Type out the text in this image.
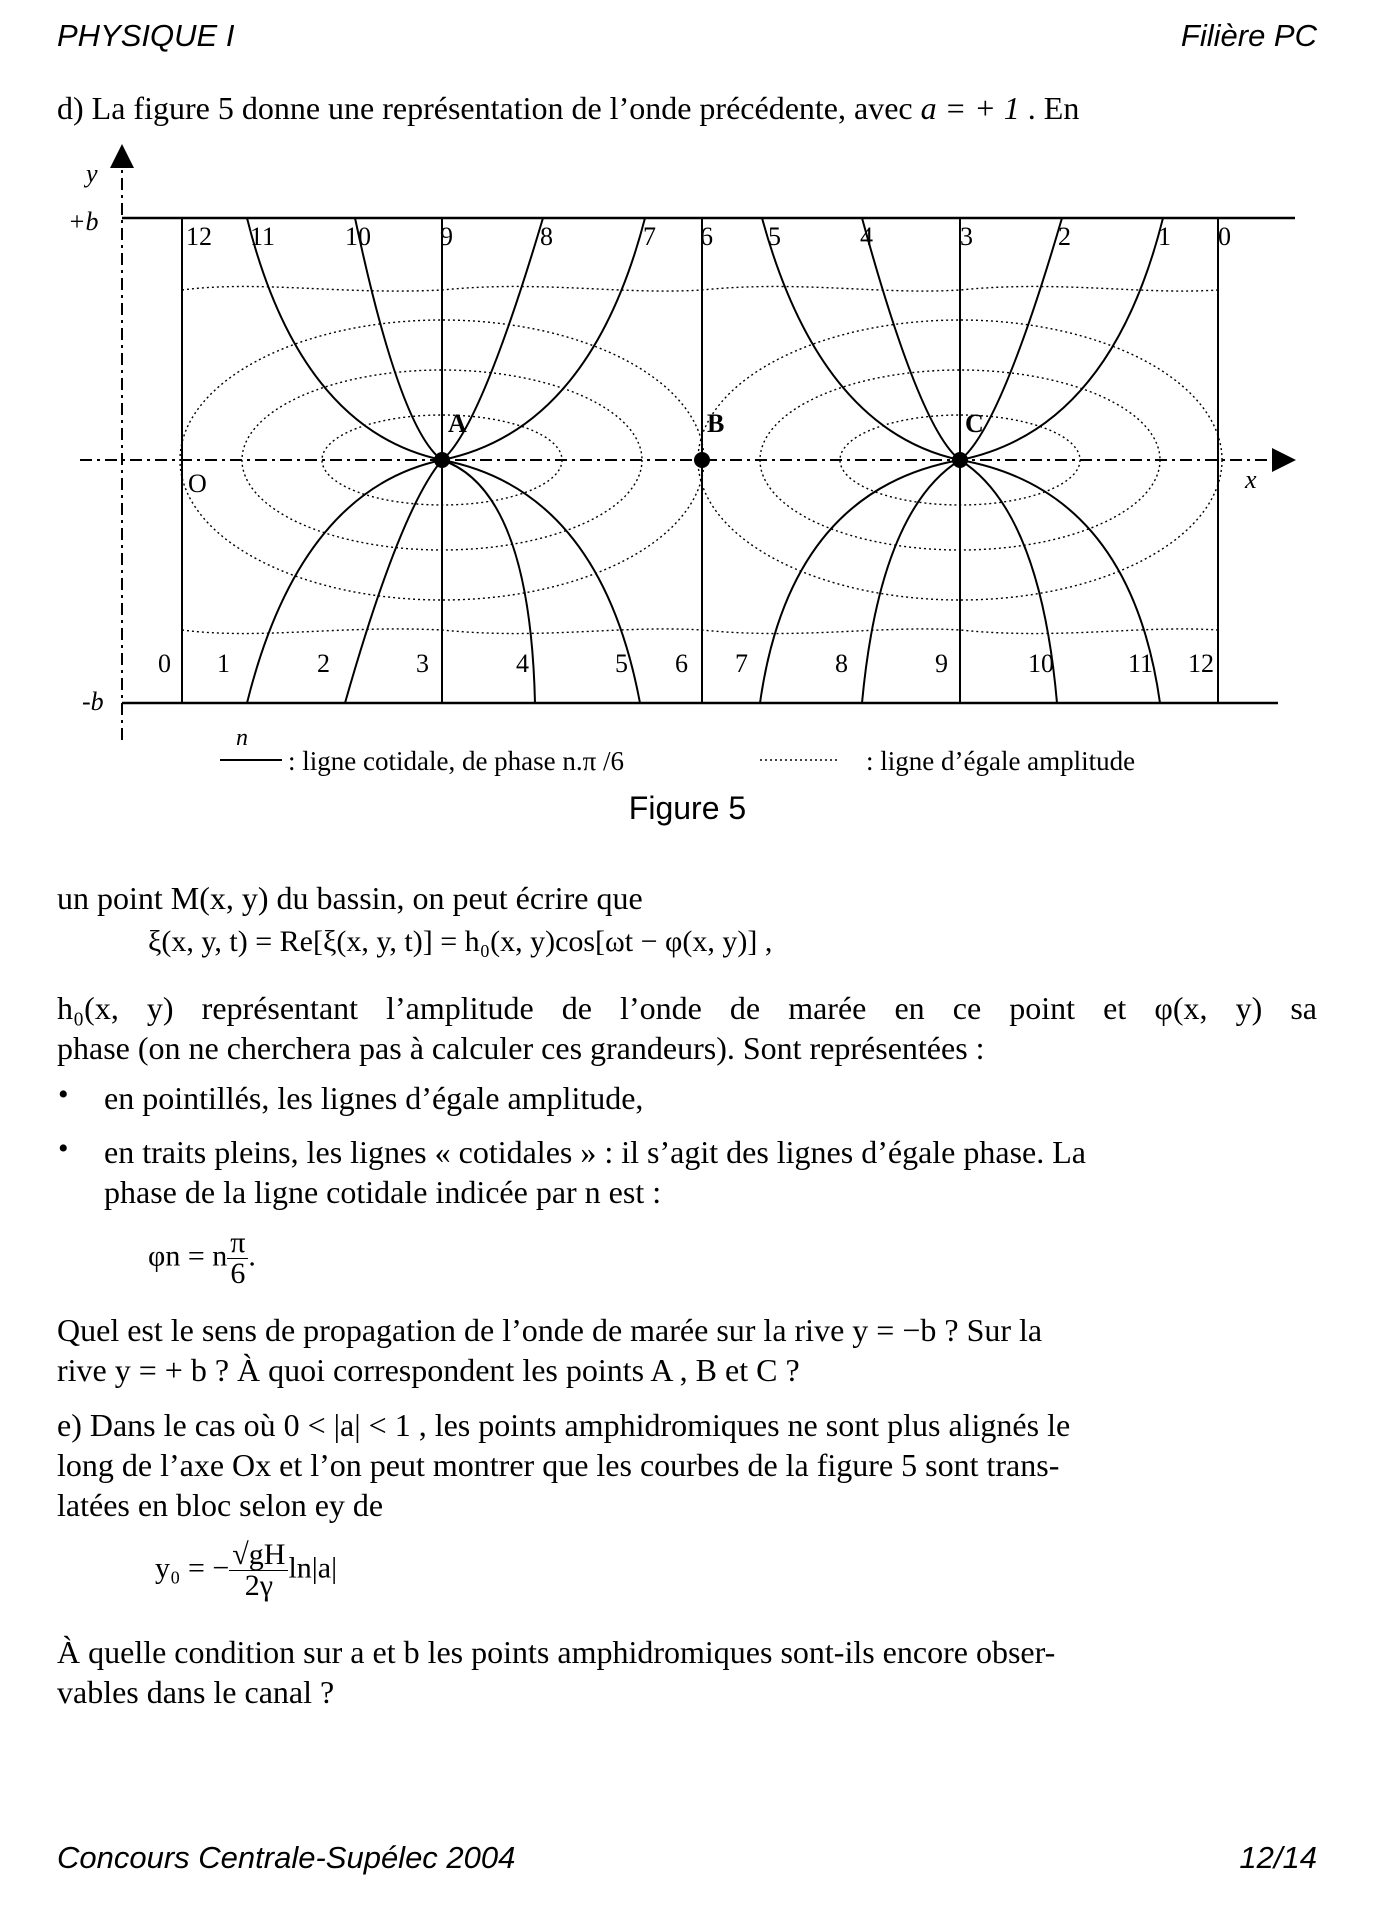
PHYSIQUE I	Filière PC
d) La figure 5 donne une représentation de l’onde précédente, avec a = + 1 . En
y
x
+b
-b
O
A	B	C
12 11	10	9	8	7 6 5	4	3	2	1 0
0 1	2	3	4	5 6 7	8	9	10	11 12
n
: ligne cotidale, de phase n.π /6	: ligne d’égale amplitude
Figure 5
un point M(x, y) du bassin, on peut écrire que
ξ(x, y, t) = Re[ξ(x, y, t)] = h₀(x, y)cos[ωt − φ(x, y)] ,
h₀(x, y) représentant l’amplitude de l’onde de marée en ce point et φ(x, y) sa
phase (on ne cherchera pas à calculer ces grandeurs). Sont représentées :
• en pointillés, les lignes d’égale amplitude,
• en traits pleins, les lignes « cotidales » : il s’agit des lignes d’égale phase. La
phase de la ligne cotidale indicée par n est :
φn = n $\frac{\pi}{6}$ .
Quel est le sens de propagation de l’onde de marée sur la rive y = −b ? Sur la
rive y = + b ? À quoi correspondent les points A , B et C ?
e) Dans le cas où 0 < |a| < 1 , les points amphidromiques ne sont plus alignés le
long de l’axe Ox et l’on peut montrer que les courbes de la figure 5 sont trans-
latées en bloc selon ey de
y₀ = − $\frac{√gH}{2\gamma} \ln|a|$
À quelle condition sur a et b les points amphidromiques sont-ils encore obser-
vables dans le canal ?
Concours Centrale-Supélec 2004	12/14
